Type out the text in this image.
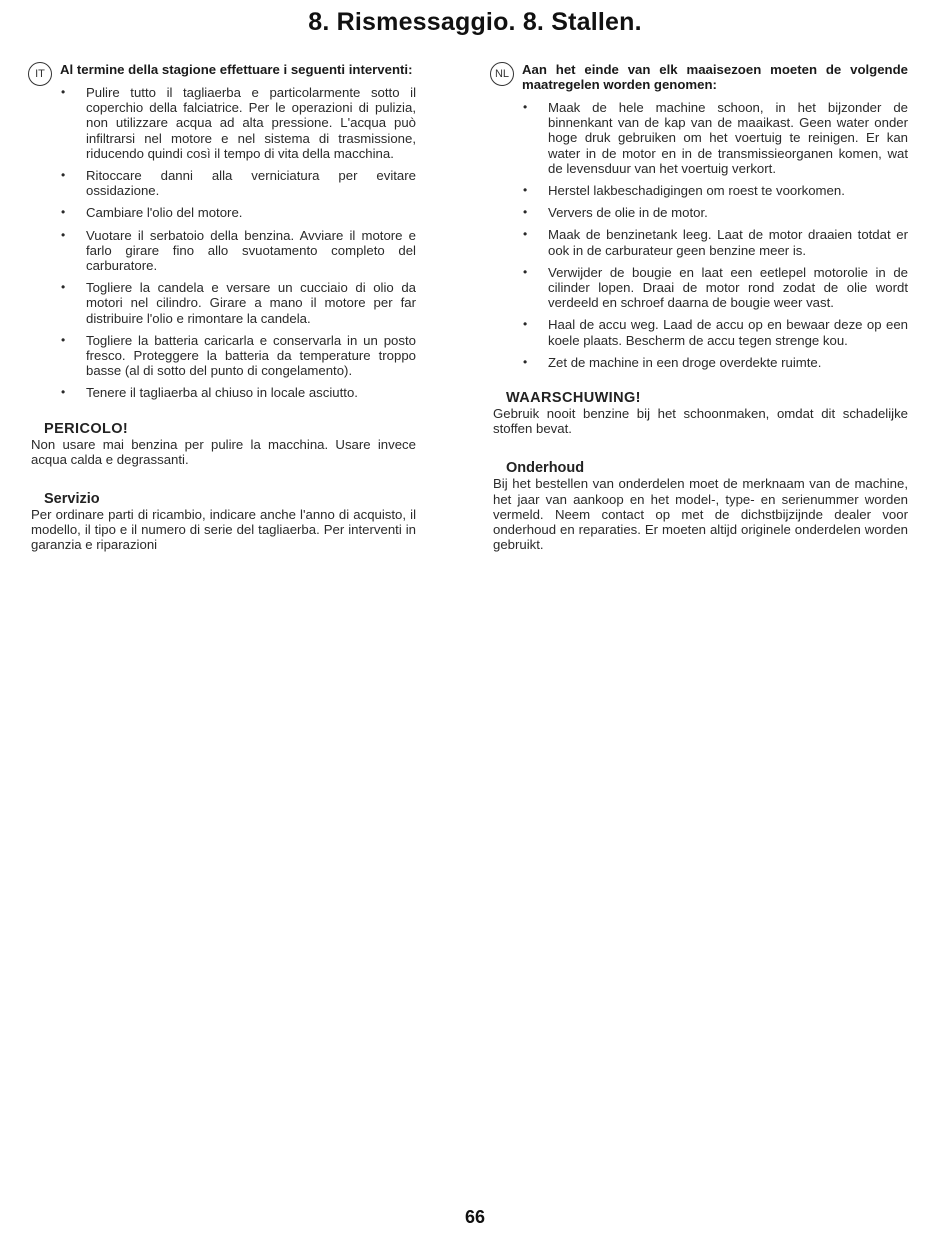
8. Rismessaggio. 8. Stallen.
IT	Al termine della stagione effettuare i seguenti interventi:
• Pulire tutto il tagliaerba e particolarmente sotto il coperchio della falciatrice. Per le operazioni di pulizia, non utilizzare acqua ad alta pressione. L'acqua può infiltrarsi nel motore e nel sistema di trasmissione, riducendo quindi così il tempo di vita della macchina.
• Ritoccare danni alla verniciatura per evitare ossidazione.
• Cambiare l'olio del motore.
• Vuotare il serbatoio della benzina. Avviare il motore e farlo girare fino allo svuotamento completo del carburatore.
• Togliere la candela e versare un cucciaio di olio da motori nel cilindro. Girare a mano il motore per far distribuire l'olio e rimontare la candela.
• Togliere la batteria caricarla e conservarla in un posto fresco. Proteggere la batteria da temperature troppo basse (al di sotto del punto di congelamento).
• Tenere il tagliaerba al chiuso in locale asciutto.
PERICOLO!
Non usare mai benzina per pulire la macchina. Usare invece acqua calda e degrassanti.
Servizio
Per ordinare parti di ricambio, indicare anche l'anno di acquisto, il modello, il tipo e il numero di serie del tagliaerba. Per interventi in garanzia e riparazioni
NL Aan het einde van elk maaisezoen moeten de volgende maatregelen worden genomen:
• Maak de hele machine schoon, in het bijzonder de binnenkant van de kap van de maaikast. Geen water onder hoge druk gebruiken om het voertuig te reinigen. Er kan water in de motor en in de transmissieorganen komen, wat de levensduur van het voertuig verkort.
• Herstel lakbeschadigingen om roest te voorkomen.
• Ververs de olie in de motor.
• Maak de benzinetank leeg. Laat de motor draaien totdat er ook in de carburateur geen benzine meer is.
• Verwijder de bougie en laat een eetlepel motorolie in de cilinder lopen. Draai de motor rond zodat de olie wordt verdeeld en schroef daarna de bougie weer vast.
• Haal de accu weg. Laad de accu op en bewaar deze op een koele plaats. Bescherm de accu tegen strenge kou.
• Zet de machine in een droge overdekte ruimte.
WAARSCHUWING!
Gebruik nooit benzine bij het schoonmaken, omdat dit schadelijke stoffen bevat.
Onderhoud
Bij het bestellen van onderdelen moet de merknaam van de machine, het jaar van aankoop en het model-, type- en serienummer worden vermeld. Neem contact op met de dichstbijzijnde dealer voor onderhoud en reparaties. Er moeten altijd originele onderdelen worden gebruikt.
66
